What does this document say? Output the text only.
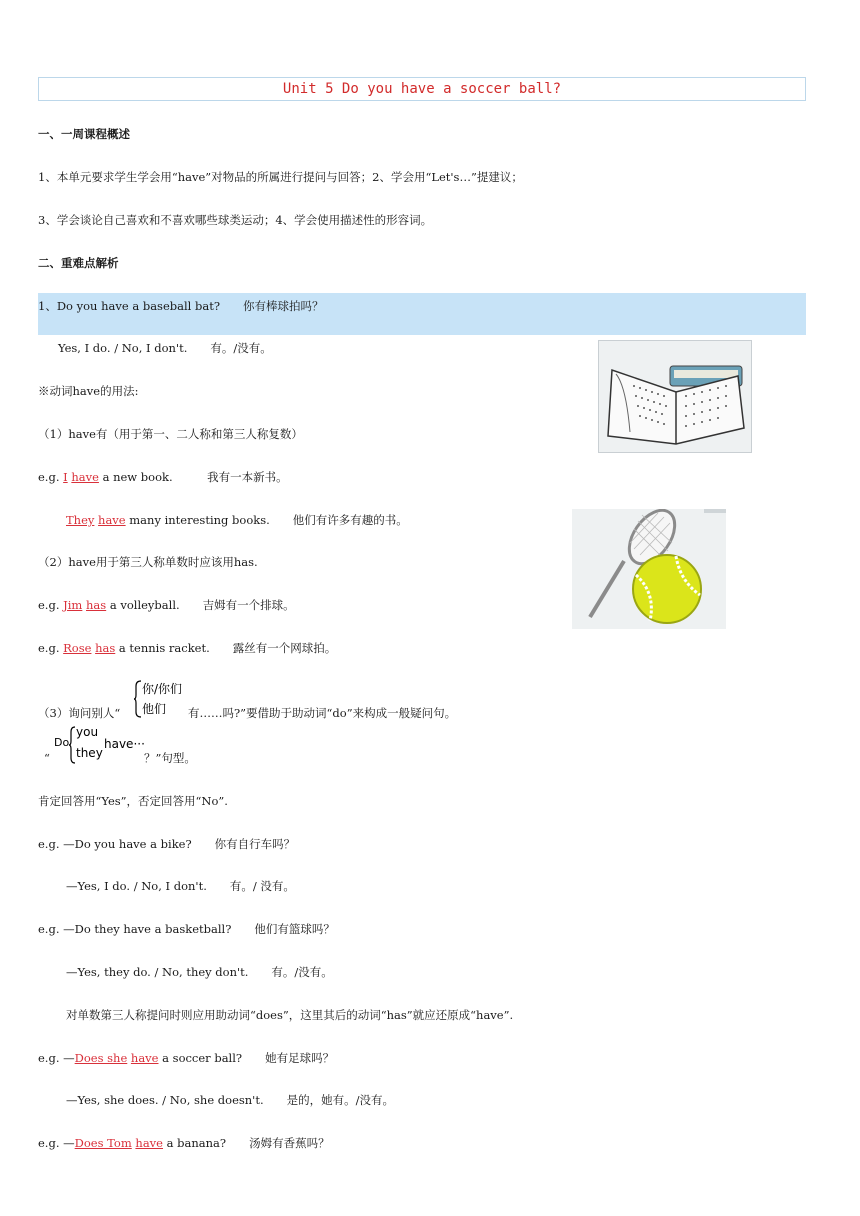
Unit 5 Do you have a soccer ball?
一、一周课程概述
1、本单元要求学生学会用“have”对物品的所属进行提问与回答；2、学会用“Let's…”提建议；
3、学会谈论自己喜欢和不喜欢哪些球类运动；4、学会使用描述性的形容词。
二、重难点解析
1、Do you have a baseball bat?　　你有棒球拍吗？
Yes, I do. / No, I don't.　　有。/没有。
※动词have的用法:
（1）have有（用于第一、二人称和第三人称复数）
e.g. I have a new book.　　　我有一本新书。
They have many interesting books.　　他们有许多有趣的书。
（2）have用于第三人称单数时应该用has.
e.g. Jim has a volleyball.　　吉姆有一个排球。
e.g. Rose has a tennis racket.　　露丝有一个网球拍。
（3）询问别人“
你/你们
他们 有……吗?”要借助于助动词“do”来构成一般疑问句。
Do
you
they
have···
“	？”句型。
肯定回答用“Yes”，否定回答用“No”.
e.g. —Do you have a bike?　　你有自行车吗？
—Yes, I do. / No, I don't.　　有。/ 没有。
e.g. —Do they have a basketball?　　他们有篮球吗？
—Yes, they do. / No, they don't.　　有。/没有。
对单数第三人称提问时则应用助动词“does”，这里其后的动词“has”就应还原成“have”.
e.g. —Does she have a soccer ball?　　她有足球吗？
—Yes, she does. / No, she doesn't.　　是的，她有。/没有。
e.g. —Does Tom have a banana?　　汤姆有香蕉吗？
